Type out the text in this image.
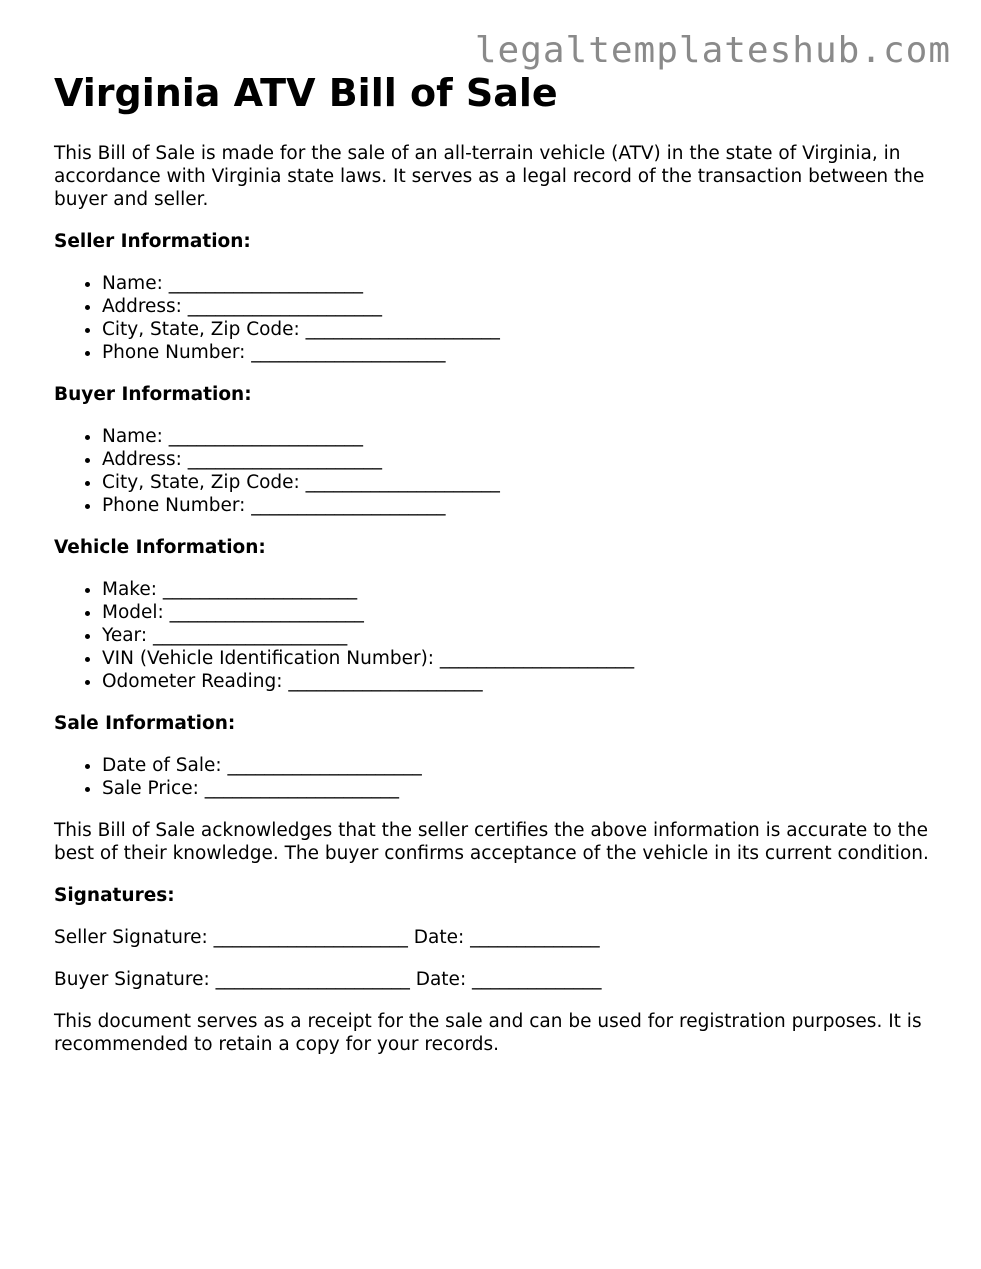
legaltemplateshub.com
Virginia ATV Bill of Sale

This Bill of Sale is made for the sale of an all-terrain vehicle (ATV) in the state of Virginia, in accordance with Virginia state laws. It serves as a legal record of the transaction between the buyer and seller.

Seller Information:
• Name: _____________________
• Address: _____________________
• City, State, Zip Code: _____________________
• Phone Number: _____________________
Buyer Information:
• Name: _____________________
• Address: _____________________
• City, State, Zip Code: _____________________
• Phone Number: _____________________
Vehicle Information:
• Make: _____________________
• Model: _____________________
• Year: _____________________
• VIN (Vehicle Identification Number): _____________________
• Odometer Reading: _____________________
Sale Information:
• Date of Sale: _____________________
• Sale Price: _____________________

This Bill of Sale acknowledges that the seller certifies the above information is accurate to the best of their knowledge. The buyer confirms acceptance of the vehicle in its current condition.

Signatures:

Seller Signature: _____________________ Date: ______________

Buyer Signature: _____________________ Date: ______________

This document serves as a receipt for the sale and can be used for registration purposes. It is recommended to retain a copy for your records.
